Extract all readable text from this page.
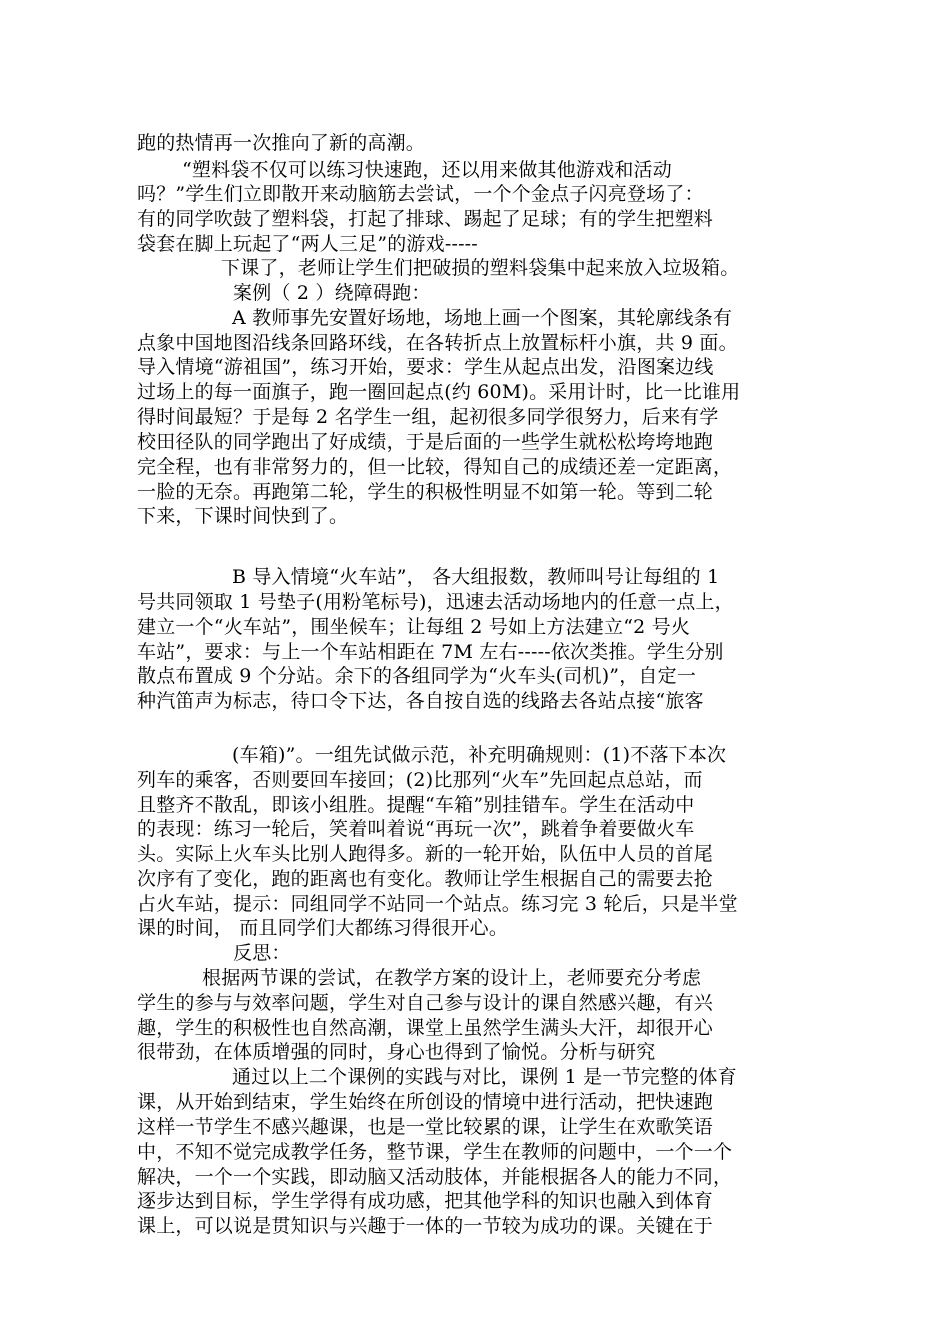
跑的热情再一次推向了新的高潮。
“塑料袋不仅可以练习快速跑，还以用来做其他游戏和活动
吗？”学生们立即散开来动脑筋去尝试，一个个金点子闪亮登场了：
有的同学吹鼓了塑料袋，打起了排球、踢起了足球；有的学生把塑料
袋套在脚上玩起了“两人三足”的游戏-----
下课了，老师让学生们把破损的塑料袋集中起来放入垃圾箱。
案例（ 2 ）绕障碍跑：
A 教师事先安置好场地，场地上画一个图案，其轮廓线条有
点象中国地图沿线条回路环线，在各转折点上放置标杆小旗，共 9 面。
导入情境“游祖国”，练习开始，要求：学生从起点出发，沿图案边线
过场上的每一面旗子，跑一圈回起点(约 60M)。采用计时，比一比谁用
得时间最短？于是每 2 名学生一组，起初很多同学很努力，后来有学
校田径队的同学跑出了好成绩，于是后面的一些学生就松松垮垮地跑
完全程，也有非常努力的，但一比较，得知自己的成绩还差一定距离，
一脸的无奈。再跑第二轮，学生的积极性明显不如第一轮。等到二轮
下来，下课时间快到了。
B 导入情境“火车站”， 各大组报数，教师叫号让每组的 1
号共同领取 1 号垫子(用粉笔标号)，迅速去活动场地内的任意一点上，
建立一个“火车站”，围坐候车；让每组 2 号如上方法建立“2 号火
车站”，要求：与上一个车站相距在 7M 左右-----依次类推。学生分别
散点布置成 9 个分站。余下的各组同学为“火车头(司机)”，自定一
种汽笛声为标志，待口令下达，各自按自选的线路去各站点接“旅客
(车箱)”。一组先试做示范，补充明确规则：(1)不落下本次
列车的乘客，否则要回车接回；(2)比那列“火车”先回起点总站，而
且整齐不散乱，即该小组胜。提醒“车箱”别挂错车。学生在活动中
的表现：练习一轮后，笑着叫着说“再玩一次”，跳着争着要做火车
头。实际上火车头比别人跑得多。新的一轮开始，队伍中人员的首尾
次序有了变化，跑的距离也有变化。教师让学生根据自己的需要去抢
占火车站，提示：同组同学不站同一个站点。练习完 3 轮后，只是半堂
课的时间， 而且同学们大都练习得很开心。
反思：
根据两节课的尝试，在教学方案的设计上，老师要充分考虑
学生的参与与效率问题，学生对自己参与设计的课自然感兴趣，有兴
趣，学生的积极性也自然高潮，课堂上虽然学生满头大汗，却很开心
很带劲，在体质增强的同时，身心也得到了愉悦。分析与研究
通过以上二个课例的实践与对比，课例 1 是一节完整的体育
课，从开始到结束，学生始终在所创设的情境中进行活动，把快速跑
这样一节学生不感兴趣课，也是一堂比较累的课，让学生在欢歌笑语
中，不知不觉完成教学任务，整节课，学生在教师的问题中，一个一个
解决，一个一个实践，即动脑又活动肢体，并能根据各人的能力不同，
逐步达到目标，学生学得有成功感，把其他学科的知识也融入到体育
课上，可以说是贯知识与兴趣于一体的一节较为成功的课。关键在于
